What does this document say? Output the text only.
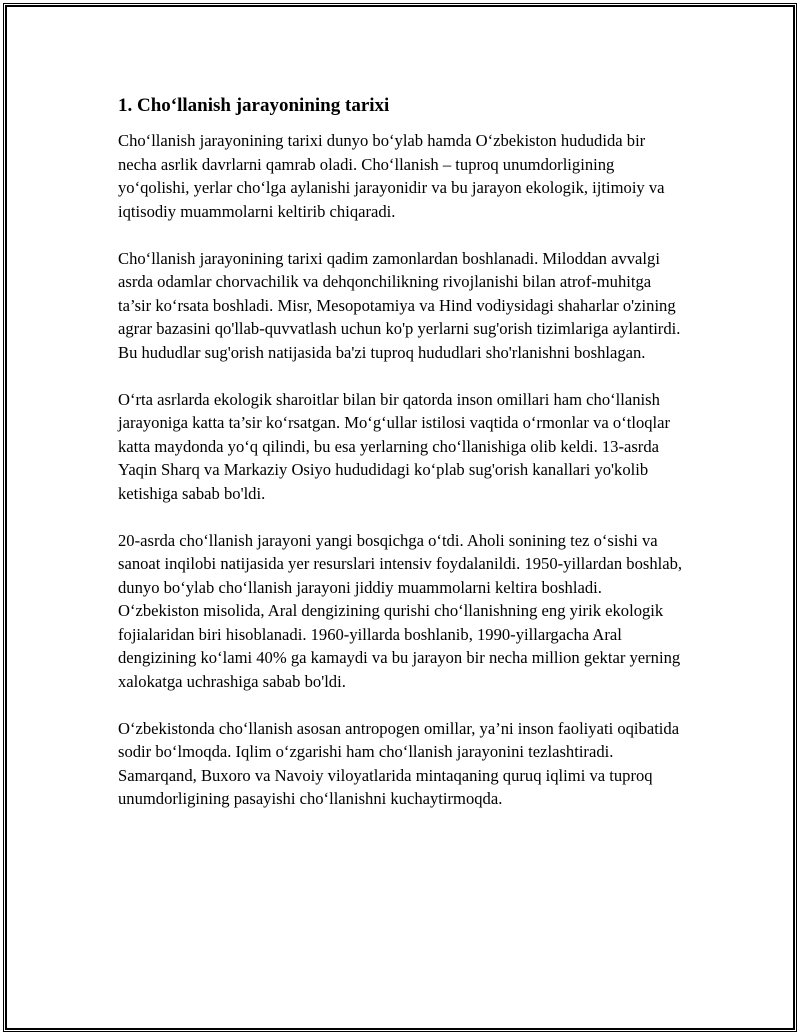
1. Cho‘llanish jarayonining tarixi

Cho‘llanish jarayonining tarixi dunyo bo‘ylab hamda O‘zbekiston hududida bir necha asrlik davrlarni qamrab oladi. Cho‘llanish – tuproq unumdorligining yo‘qolishi, yerlar cho‘lga aylanishi jarayonidir va bu jarayon ekologik, ijtimoiy va iqtisodiy muammolarni keltirib chiqaradi.

Cho‘llanish jarayonining tarixi qadim zamonlardan boshlanadi. Miloddan avvalgi asrda odamlar chorvachilik va dehqonchilikning rivojlanishi bilan atrof-muhitga ta’sir ko‘rsata boshladi. Misr, Mesopotamiya va Hind vodiysidagi shaharlar o'zining agrar bazasini qo'llab-quvvatlash uchun ko'p yerlarni sug'orish tizimlariga aylantirdi. Bu hududlar sug'orish natijasida ba'zi tuproq hududlari sho'rlanishni boshlagan.

O‘rta asrlarda ekologik sharoitlar bilan bir qatorda inson omillari ham cho‘llanish jarayoniga katta ta’sir ko‘rsatgan. Mo‘g‘ullar istilosi vaqtida o‘rmonlar va o‘tloqlar katta maydonda yo‘q qilindi, bu esa yerlarning cho‘llanishiga olib keldi. 13-asrda Yaqin Sharq va Markaziy Osiyo hududidagi ko‘plab sug'orish kanallari yo'kolib ketishiga sabab bo'ldi.

20-asrda cho‘llanish jarayoni yangi bosqichga o‘tdi. Aholi sonining tez o‘sishi va sanoat inqilobi natijasida yer resurslari intensiv foydalanildi. 1950-yillardan boshlab, dunyo bo‘ylab cho‘llanish jarayoni jiddiy muammolarni keltira boshladi. O‘zbekiston misolida, Aral dengizining qurishi cho‘llanishning eng yirik ekologik fojialaridan biri hisoblanadi. 1960-yillarda boshlanib, 1990-yillargacha Aral dengizining ko‘lami 40% ga kamaydi va bu jarayon bir necha million gektar yerning xalokatga uchrashiga sabab bo'ldi.

O‘zbekistonda cho‘llanish asosan antropogen omillar, ya’ni inson faoliyati oqibatida sodir bo‘lmoqda. Iqlim o‘zgarishi ham cho‘llanish jarayonini tezlashtiradi. Samarqand, Buxoro va Navoiy viloyatlarida mintaqaning quruq iqlimi va tuproq unumdorligining pasayishi cho‘llanishni kuchaytirmoqda.
